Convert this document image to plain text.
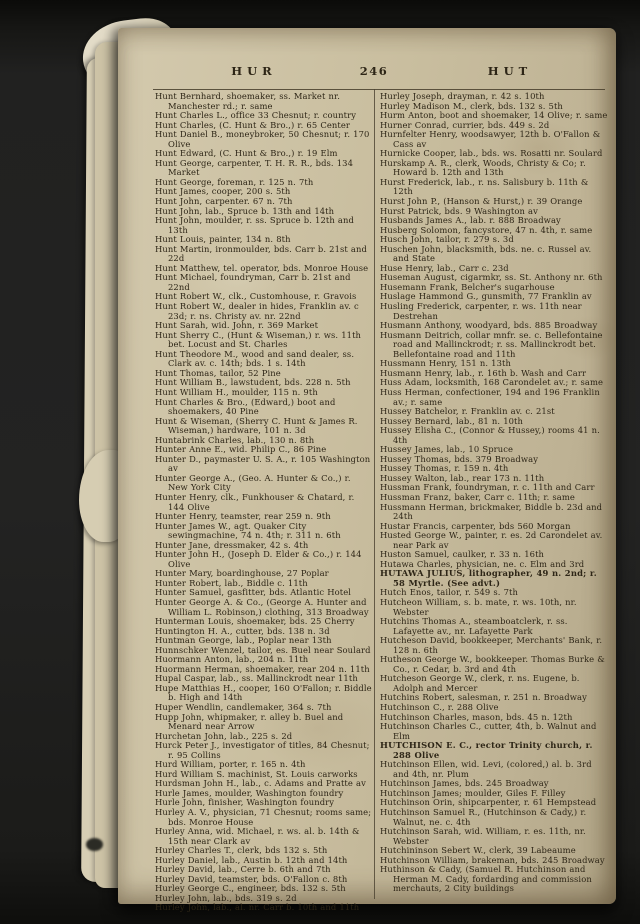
HUR	246	HUT
Hunt Bernhard, shoemaker, ss. Market nr. Manchester rd.; r. same
Hunt Charles L., office 33 Chesnut; r. country
Hunt Charles, (C. Hunt & Bro.,) r. 65 Center
Hunt Daniel B., moneybroker, 50 Chesnut; r. 170 Olive
Hunt Edward, (C. Hunt & Bro.,) r. 19 Elm
Hunt George, carpenter, T. H. R. R., bds. 134 Market
Hunt George, foreman, r. 125 n. 7th
Hunt James, cooper, 200 s. 5th
Hunt John, carpenter. 67 n. 7th
Hunt John, lab., Spruce b. 13th and 14th
Hunt John, moulder, r. ss. Spruce b. 12th and 13th
Hunt Louis, painter, 134 n. 8th
Hunt Martin, ironmoulder, bds. Carr b. 21st and 22d
Hunt Matthew, tel. operator, bds. Monroe House
Hunt Michael, foundryman, Carr b. 21st and 22nd
Hunt Robert W., clk., Customhouse, r. Gravois
Hunt Robert W., dealer in hides, Franklin av. c 23d; r. ns. Christy av. nr. 22nd
Hunt Sarah, wid. John, r. 369 Market
Hunt Sherry C., (Hunt & Wiseman,) r. ws. 11th bet. Locust and St. Charles
Hunt Theodore M., wood and sand dealer, ss. Clark av. c. 14th; bds. 1 s. 14th
Hunt Thomas, tailor, 52 Pine
Hunt William B., lawstudent, bds. 228 n. 5th
Hunt William H., moulder, 115 n. 9th
Hunt Charles & Bro., (Edward,) boot and shoemakers, 40 Pine
Hunt & Wiseman, (Sherry C. Hunt & James R. Wiseman,) hardware, 101 n. 3d
Huntabrink Charles, lab., 130 n. 8th
Hunter Anne E., wid. Philip C., 86 Pine
Hunter D., paymaster U. S. A., r. 105 Washington av
Hunter George A., (Geo. A. Hunter & Co.,) r. New York City
Hunter Henry, clk., Funkhouser & Chatard, r. 144 Olive
Hunter Henry, teamster, rear 259 n. 9th
Hunter James W., agt. Quaker City sewingmachine, 74 n. 4th; r. 311 n. 6th
Hunter Jane, dressmaker, 42 s. 4th
Hunter John H., (Joseph D. Elder & Co.,) r. 144 Olive
Hunter Mary, boardinghouse, 27 Poplar
Hunter Robert, lab., Biddle c. 11th
Hunter Samuel, gasfitter, bds. Atlantic Hotel
Hunter George A. & Co., (George A. Hunter and William L. Robinson,) clothing, 313 Broadway
Hunterman Louis, shoemaker, bds. 25 Cherry
Huntington H. A., cutter, bds. 138 n. 3d
Huntman George, lab., Poplar near 13th
Hunnschker Wenzel, tailor, es. Buel near Soulard
Huormann Anton, lab., 204 n. 11th
Huormann Herman, shoemaker, rear 204 n. 11th
Hupal Caspar, lab., ss. Mallinckrodt near 11th
Hupe Matthias H., cooper, 160 O'Fallon; r. Biddle b. High and 14th
Huper Wendlin, candlemaker, 364 s. 7th
Hupp John, whipmaker, r. alley b. Buel and Menard near Arrow
Hurchetan John, lab., 225 s. 2d
Hurck Peter J., investigator of titles, 84 Chesnut; r. 95 Collins
Hurd William, porter, r. 165 n. 4th
Hurd William S. machinist, St. Louis carworks
Hurdsman John H., lab., c. Adams and Pratte av
Hurle James, moulder, Washington foundry
Hurle John, finisher, Washington foundry
Hurley A. V., physician, 71 Chesnut; rooms same; bds. Monroe House
Hurley Anna, wid. Michael, r. ws. al. b. 14th & 15th near Clark av
Hurley Charles T., clerk, bds 132 s. 5th
Hurley Daniel, lab., Austin b. 12th and 14th
Hurley David, lab., Cerre b. 6th and 7th
Hurley David, teamster, bds. O'Fallon c. 8th
Hurley George C., engineer, bds. 132 s. 5th
Hurley John, lab., bds. 319 s. 2d
Hurley John, lab., al. nr. Carr b. 10th and 11th
Hurley Joseph, drayman, r. 42 s. 10th
Hurley Madison M., clerk, bds. 132 s. 5th
Hurm Anton, boot and shoemaker, 14 Olive; r. same
Hurner Conrad, currier, bds. 449 s. 2d
Hurnfelter Henry, woodsawyer, 12th b. O'Fallon & Cass av
Hurnicke Cooper, lab., bds. ws. Rosatti nr. Soulard
Hurskamp A. R., clerk, Woods, Christy & Co; r. Howard b. 12th and 13th
Hurst Frederick, lab., r. ns. Salisbury b. 11th & 12th
Hurst John P., (Hanson & Hurst,) r. 39 Orange
Hurst Patrick, bds. 9 Washington av
Husbands James A., lab. r. 888 Broadway
Husberg Solomon, fancystore, 47 n. 4th, r. same
Husch John, tailor, r. 279 s. 3d
Huschen John, blacksmith, bds. ne. c. Russel av. and State
Huse Henry, lab., Carr c. 23d
Huseman August, cigarmkr, ss. St. Anthony nr. 6th
Husemann Frank, Belcher's sugarhouse
Huslage Hammond G., gunsmith, 77 Franklin av
Husling Frederick, carpenter, r. ws. 11th near Destrehan
Husmann Anthony, woodyard, bds. 885 Broadway
Husmann Deitrich, collar mnfr. se. c. Bellefontaine road and Mallinckrodt; r. ss. Mallinckrodt bet. Bellefontaine road and 11th
Hussmann Henry, 151 n. 13th
Husmann Henry, lab., r. 16th b. Wash and Carr
Huss Adam, locksmith, 168 Carondelet av.; r. same
Huss Herman, confectioner, 194 and 196 Franklin av.; r. same
Hussey Batchelor, r. Franklin av. c. 21st
Hussey Bernard, lab., 81 n. 10th
Hussey Elisha C., (Connor & Hussey,) rooms 41 n. 4th
Hussey James, lab., 10 Spruce
Hussey Thomas, bds. 379 Broadway
Hussey Thomas, r. 159 n. 4th
Hussey Walton, lab., rear 173 n. 11th
Hussman Frank, foundryman, r. c. 11th and Carr
Hussman Franz, baker, Carr c. 11th; r. same
Hussmann Herman, brickmaker, Biddle b. 23d and 24th
Hustar Francis, carpenter, bds 560 Morgan
Husted George W., painter, r. es. 2d Carondelet av. near Park av
Huston Samuel, caulker, r. 33 n. 16th
Hutawa Charles, physician, ne. c. Elm and 3rd
HUTAWA JULIUS, lithographer, 49 n. 2nd; r. 58 Myrtle. (See advt.)
Hutch Enos, tailor, r. 549 s. 7th
Hutcheon William, s. b. mate, r. ws. 10th, nr. Webster
Hutchins Thomas A., steamboatclerk, r. ss. Lafayette av., nr. Lafayette Park
Hutcheson David, bookkeeper, Merchants' Bank, r. 128 n. 6th
Hutheson George W., bookkeeper. Thomas Burke & Co., r. Cedar, b. 3rd and 4th
Hutcheson George W., clerk, r. ns. Eugene, b. Adolph and Mercer
Hutchins Robert, salesman, r. 251 n. Broadway
Hutchinson C., r. 288 Olive
Hutchinson Charles, mason, bds. 45 n. 12th
Hutchinson Charles C., cutter, 4th, b. Walnut and Elm
HUTCHISON E. C., rector Trinity church, r. 288 Olive
Hutchinson Ellen, wid. Levi, (colored,) al. b. 3rd and 4th, nr. Plum
Hutchinson James, bds. 245 Broadway
Hutchinson James; moulder, Giles F. Filley
Hutchinson Orin, shipcarpenter, r. 61 Hempstead
Hutchinson Samuel R., (Hutchinson & Cady,) r. Walnut, ne. c. 4th
Hutchinson Sarah, wid. William, r. es. 11th, nr. Webster
Hutchininson Sebert W., clerk, 39 Labeaume
Hutchinson William, brakeman, bds. 245 Broadway
Huthinson & Cady, (Samuel R. Hutchinson and Herman M. Cady, fordarding and commission merchauts, 2 City buildings
